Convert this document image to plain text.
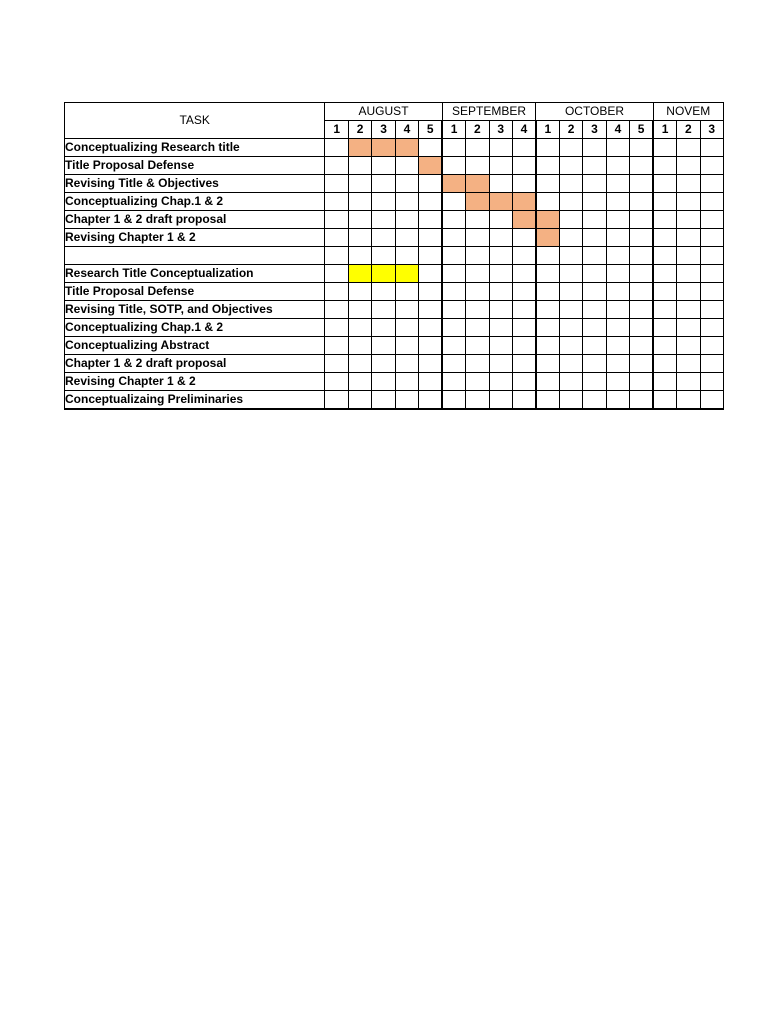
TASK	AUGUST					SEPTEMBER				OCTOBER					NOVEM		
	1	2	3	4	5	1	2	3	4	1	2	3	4	5	1	2	3
Conceptualizing Research title																	
Title Proposal Defense																	
Revising Title & Objectives																	
Conceptualizing Chap.1 & 2																	
Chapter 1 & 2 draft proposal																	
Revising Chapter 1 & 2																	

Research Title Conceptualization																	
Title Proposal Defense																	
Revising Title, SOTP, and Objectives																	
Conceptualizing Chap.1 & 2																	
Conceptualizing Abstract																	
Chapter 1 & 2 draft proposal																	
Revising Chapter 1 & 2																	
Conceptualizaing Preliminaries																	
